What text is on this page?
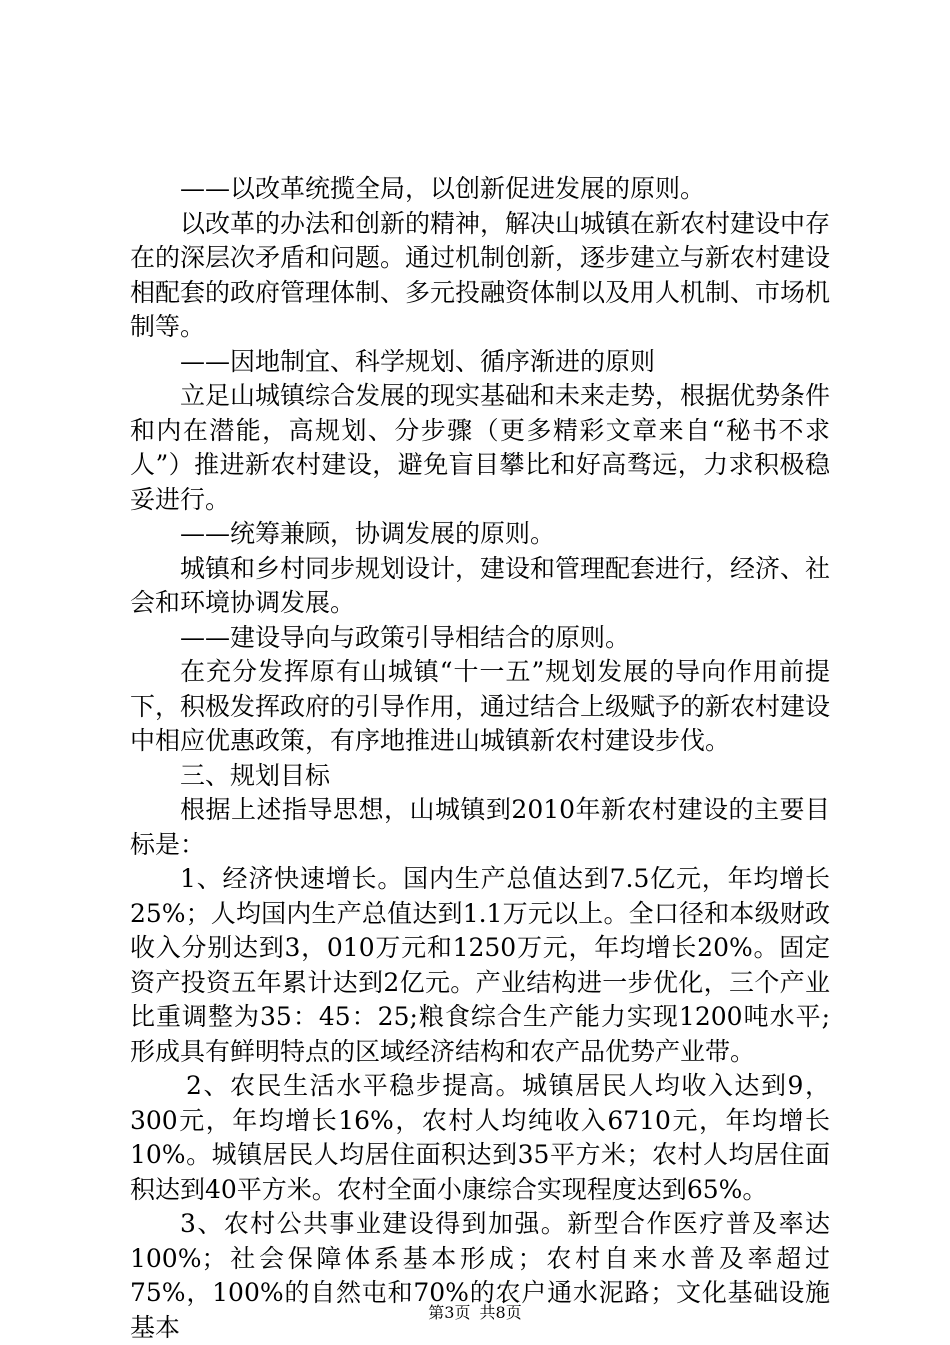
——以改革统揽全局，以创新促进发展的原则。

以改革的办法和创新的精神，解决山城镇在新农村建设中存在的深层次矛盾和问题。通过机制创新，逐步建立与新农村建设相配套的政府管理体制、多元投融资体制以及用人机制、市场机制等。

——因地制宜、科学规划、循序渐进的原则

立足山城镇综合发展的现实基础和未来走势，根据优势条件和内在潜能，高规划、分步骤（更多精彩文章来自“秘书不求人”）推进新农村建设，避免盲目攀比和好高骛远，力求积极稳妥进行。

——统筹兼顾，协调发展的原则。

城镇和乡村同步规划设计，建设和管理配套进行，经济、社会和环境协调发展。

——建设导向与政策引导相结合的原则。

在充分发挥原有山城镇“十一五”规划发展的导向作用前提下，积极发挥政府的引导作用，通过结合上级赋予的新农村建设中相应优惠政策，有序地推进山城镇新农村建设步伐。

三、规划目标

根据上述指导思想，山城镇到2010年新农村建设的主要目标是：

1、经济快速增长。国内生产总值达到7.5亿元，年均增长25%；人均国内生产总值达到1.1万元以上。全口径和本级财政收入分别达到3，010万元和1250万元，年均增长20%。固定资产投资五年累计达到2亿元。产业结构进一步优化，三个产业比重调整为35：45：25;粮食综合生产能力实现1200吨水平;形成具有鲜明特点的区域经济结构和农产品优势产业带。

2、农民生活水平稳步提高。城镇居民人均收入达到9，300元，年均增长16%，农村人均纯收入6710元，年均增长10%。城镇居民人均居住面积达到35平方米；农村人均居住面积达到40平方米。农村全面小康综合实现程度达到65%。

3、农村公共事业建设得到加强。新型合作医疗普及率达100%；社会保障体系基本形成；农村自来水普及率超过75%，100%的自然屯和70%的农户通水泥路；文化基础设施基本	第3页 共8页
